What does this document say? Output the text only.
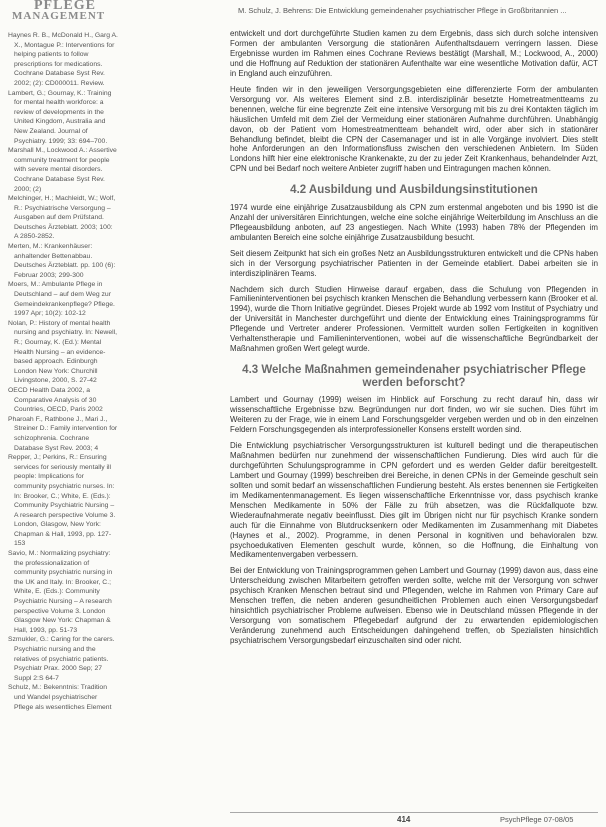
PFLEGE
MANAGEMENT	M. Schulz, J. Behrens: Die Entwicklung gemeindenaher psychiatrischer Pflege in Großbritannien ...

Haynes R. B., McDonald H., Garg A. X., Montague P.: Interventions for helping patients to follow prescriptions for medications. Cochrane Database Syst Rev. 2002; (2): CD000011. Review.

Lambert, G.; Gournay, K.: Training for mental health workforce: a review of developments in the United Kingdom, Australia and New Zealand. Journal of Psychiatry. 1999; 33: 694–700.

Marshall M., Lockwood A.: Assertive community treatment for people with severe mental disorders. Cochrane Database Syst Rev. 2000; (2)

Melchinger, H.; Machleidt, W.; Wolf, R.: Psychiatrische Versorgung – Ausgaben auf dem Prüfstand. Deutsches Ärzteblatt. 2003; 100: A 2850-2852.

Merten, M.: Krankenhäuser: anhaltender Bettenabbau. Deutsches Ärzteblatt. pp. 100 (6): Februar 2003; 299-300

Moers, M.: Ambulante Pflege in Deutschland – auf dem Weg zur Gemeindekrankenpflege? Pflege. 1997 Apr; 10(2): 102-12

Nolan, P.: History of mental health nursing and psychiatry. In: Newell, R.; Gournay, K. (Ed.): Mental Health Nursing – an evidence-based approach. Edinburgh London New York: Churchill Livingstone, 2000, S. 27-42

OECD Health Data 2002, a Comparative Analysis of 30 Countries, OECD, Paris 2002

Pharoah F., Rathbone J., Mari J., Streiner D.: Family intervention for schizophrenia. Cochrane Database Syst Rev. 2003; 4

Repper, J.; Perkins, R.: Ensuring services for seriously mentally ill people: Implications for community psychiatric nurses. In: In: Brooker, C.; White, E. (Eds.): Community Psychiatric Nursing – A research perspective Volume 3. London, Glasgow, New York: Chapman & Hall, 1993, pp. 127-153

Savio, M.: Normalizing psychiatry: the professionalization of community psychiatric nursing in the UK and Italy. In: Brooker, C.; White, E. (Eds.): Community Psychiatric Nursing – A research perspective Volume 3. London Glasgow New York: Chapman & Hall, 1993, pp. 51-73

Szmukler, G.: Caring for the carers. Psychiatric nursing and the relatives of psychiatric patients. Psychiatr Prax. 2000 Sep; 27 Suppl 2:S 64-7

Schulz, M.: Bekenntnis: Tradition und Wandel psychiatrischer Pflege als wesentliches Element

entwickelt und dort durchgeführte Studien kamen zu dem Ergebnis, dass sich durch solche intensiven Formen der ambulanten Versorgung die stationären Aufenthaltsdauern verringern lassen. Diese Ergebnisse wurden im Rahmen eines Cochrane Reviews bestätigt (Marshall, M.; Lockwood, A., 2000) und die Hoffnung auf Reduktion der stationären Aufenthalte war eine wesentliche Motivation dafür, ACT in England auch einzuführen.

Heute finden wir in den jeweiligen Versorgungsgebieten eine differenzierte Form der ambulanten Versorgung vor. Als weiteres Element sind z.B. interdisziplinär besetzte Hometreatmentteams zu benennen, welche für eine begrenzte Zeit eine intensive Versorgung mit bis zu drei Kontakten täglich im häuslichen Umfeld mit dem Ziel der Vermeidung einer stationären Aufnahme durchführen. Unabhängig davon, ob der Patient vom Homestreatmentteam behandelt wird, oder aber sich in stationärer Behandlung befindet, bleibt die CPN der Casemanager und ist in alle Vorgänge involviert. Dies stellt hohe Anforderungen an den Informationsfluss zwischen den verschiedenen Anbietern. Im Süden Londons hilft hier eine elektronische Krankenakte, zu der zu jeder Zeit Krankenhaus, behandelnder Arzt, CPN und bei Bedarf noch weitere Anbieter zugriff haben und Eintragungen machen können.

4.2 Ausbildung und Ausbildungsinstitutionen

1974 wurde eine einjährige Zusatzausbildung als CPN zum erstenmal angeboten und bis 1990 ist die Anzahl der universitären Einrichtungen, welche eine solche einjährige Weiterbildung im Anschluss an die Pflegeausbildung anboten, auf 23 angestiegen. Nach White (1993) haben 78% der Pflegenden im ambulanten Bereich eine solche einjährige Zusatzausbildung besucht.

Seit diesem Zeitpunkt hat sich ein großes Netz an Ausbildungsstrukturen entwickelt und die CPNs haben sich in der Versorgung psychiatrischer Patienten in der Gemeinde etabliert. Dabei arbeiten sie in interdisziplinären Teams.

Nachdem sich durch Studien Hinweise darauf ergaben, dass die Schulung von Pflegenden in Familieninterventionen bei psychisch kranken Menschen die Behandlung verbessern kann (Brooker et al. 1994), wurde die Thorn Initiative gegründet. Dieses Projekt wurde ab 1992 vom Institut of Psychiatry und der Universität in Manchester durchgeführt und diente der Entwicklung eines Trainingsprogramms für Pflegende und Vertreter anderer Professionen. Vermittelt wurden sollen Fertigkeiten in kognitiven Verhaltenstherapie und Familieninterventionen, wobei auf die wissenschaftliche Begründbarkeit der Maßnahmen großen Wert gelegt wurde.

4.3 Welche Maßnahmen gemeindenaher psychiatrischer Pflege werden beforscht?

Lambert und Gournay (1999) weisen im Hinblick auf Forschung zu recht darauf hin, dass wir wissenschaftliche Ergebnisse bzw. Begründungen nur dort finden, wo wir sie suchen. Dies führt im Weiteren zu der Frage, wie in einem Land Forschungsgelder vergeben werden und ob in den einzelnen Feldern Forschungsgegenden als interprofessioneller Konsens erstellt worden sind.

Die Entwicklung psychiatrischer Versorgungsstrukturen ist kulturell bedingt und die therapeutischen Maßnahmen bedürfen nur zunehmend der wissenschaftlichen Fundierung. Dies wird auch für die durchgeführten Schulungsprogramme in CPN gefordert und es werden Gelder dafür bereitgestellt. Lambert und Gournay (1999) beschreiben drei Bereiche, in denen CPNs in der Gemeinde geschult sein sollten und somit bedarf an wissenschaftlichen Fundierung besteht. Als erstes benennen sie Fertigkeiten im Medikamentenmanagement. Es liegen wissenschaftliche Erkenntnisse vor, dass psychisch kranke Menschen Medikamente in 50% der Fälle zu früh absetzen, was die Rückfallquote bzw. Wiederaufnahmerate negativ beeinflusst. Dies gilt im Übrigen nicht nur für psychisch Kranke sondern auch für die Einnahme von Blutdrucksenkern oder Medikamenten im Zusammenhang mit Diabetes (Haynes et al., 2002). Programme, in denen Personal in kognitiven und behavioralen bzw. psychoedukativen Elementen geschult wurde, können, so die Hoffnung, die Einhaltung von Medikamentenvergaben verbessern.

Bei der Entwicklung von Trainingsprogrammen gehen Lambert und Gournay (1999) davon aus, dass eine Unterscheidung zwischen Mitarbeitern getroffen werden sollte, welche mit der Versorgung von schwer psychisch Kranken Menschen betraut sind und Pflegenden, welche im Rahmen von Primary Care auf Menschen treffen, die neben anderen gesundheitlichen Problemen auch einen Versorgungsbedarf hinsichtlich psychiatrischer Probleme aufweisen. Ebenso wie in Deutschland müssen Pflegende in der Versorgung von somatischem Pflegebedarf aufgrund der zu erwartenden epidemiologischen Veränderung zunehmend auch Entscheidungen dahingehend treffen, ob Spezialisten hinsichtlich psychiatrischem Versorgungsbedarf einzuschalten sind oder nicht.

414	PsychPflege 07-08/05
